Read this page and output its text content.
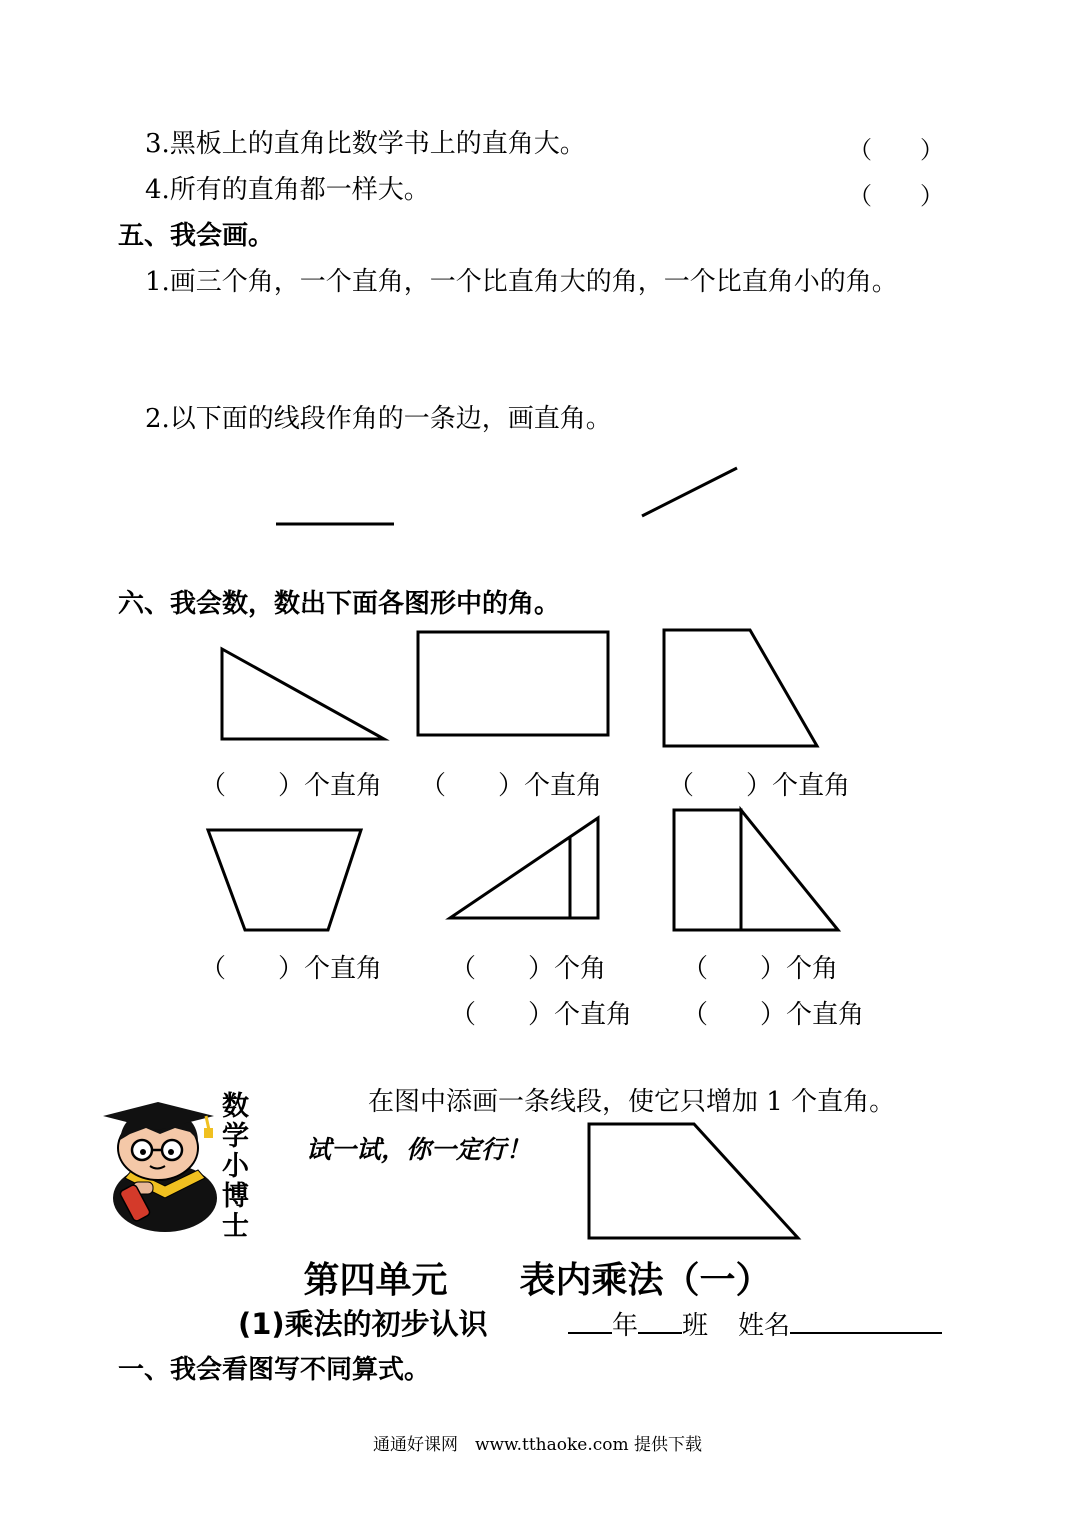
3.黑板上的直角比数学书上的直角大。	（　　）
4.所有的直角都一样大。	（　　）
五、我会画。
1.画三个角，一个直角，一个比直角大的角，一个比直角小的角。
2.以下面的线段作角的一条边，画直角。
六、我会数，数出下面各图形中的角。
（　　）个直角 （　　）个直角	（　　）个直角
（　　）个直角	（　　）个角	（　　）个角
（　　）个直角 （　　）个直角
数学小博士
在图中添画一条线段，使它只增加 1 个直角。
试一试，你一定行！
第四单元　　表内乘法（一）
(1)乘法的初步认识	年 班 姓名
一、我会看图写不同算式。
通通好课网　www.tthaoke.com 提供下载
